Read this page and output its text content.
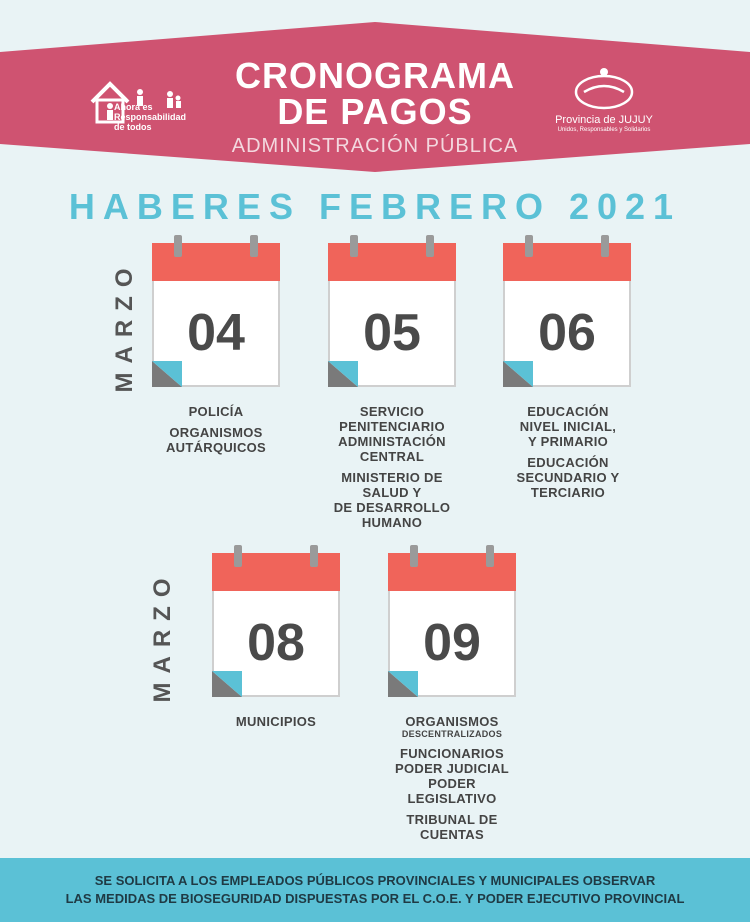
Ahora es
Responsabilidad
de todos
CRONOGRAMA
DE PAGOS
ADMINISTRACIÓN PÚBLICA
Provincia de JUJUY
Unidos, Responsables y Solidarios
HABERES FEBRERO 2021
MARZO 04	05	06
POLICÍA
ORGANISMOS
AUTÁRQUICOS
SERVICIO
PENITENCIARIO
ADMINISTACIÓN
CENTRAL
MINISTERIO DE
SALUD Y
DE DESARROLLO
HUMANO
EDUCACIÓN
NIVEL INICIAL,
Y PRIMARIO
EDUCACIÓN
SECUNDARIO Y
TERCIARIO
MARZO	08	09
MUNICIPIOS	ORGANISMOS
DESCENTRALIZADOS
FUNCIONARIOS
PODER JUDICIAL
PODER
LEGISLATIVO
TRIBUNAL DE
CUENTAS
SE SOLICITA A LOS EMPLEADOS PÚBLICOS PROVINCIALES Y MUNICIPALES OBSERVAR
LAS MEDIDAS DE BIOSEGURIDAD DISPUESTAS POR EL C.O.E. Y PODER EJECUTIVO PROVINCIAL
